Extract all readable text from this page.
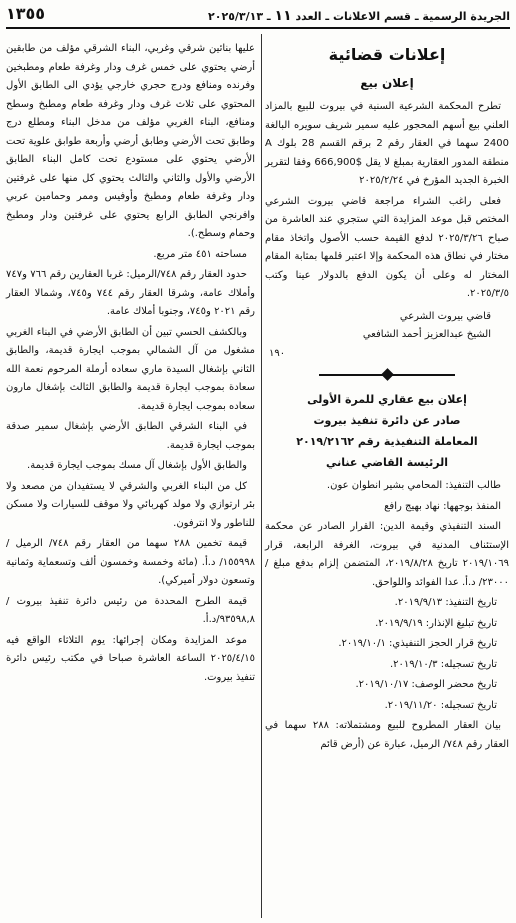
الجريدة الرسمية ـ قسم الاعلانات ـ العدد ١١ ـ ٢٠٢٥/٣/١٣
١٣٥٥
إعلانات قضائية
إعلان بيع

تطرح المحكمة الشرعية السنية في بيروت للبيع بالمزاد العلني بيع أسهم المحجور عليه سمير شريف سويره البالغة 2400 سهما في العقار رقم 2 برقم القسم 28 بلوك A منطقة المدور العقارية بمبلغ لا يقل $666,900 وفقا لتقرير الخبرة الجديد المؤرخ في ٢٠٢٥/٢/٢٤

فعلى راغب الشراء مراجعة قاضي بيروت الشرعي المختص قبل موعد المزايدة التي ستجري عند العاشرة من صباح ٢٠٢٥/٣/٢٦ لدفع القيمة حسب الأصول واتخاذ مقام مختار في نطاق هذه المحكمة وإلا اعتبر قلمها بمثابة المقام المختار له وعلى أن يكون الدفع بالدولار عينا وكتب ٢٠٢٥/٣/٥.

قاضي بيروت الشرعي
الشيخ عبدالعزيز أحمد الشافعي
١٩٠
إعلان بيع عقاري للمرة الأولى
صادر عن دائرة تنفيذ بيروت
المعاملة التنفيذية رقم ٢٠١٩/٢١٦٢
الرئيسة القاضي عناني

طالب التنفيذ: المحامي بشير انطوان عون.

المنفذ بوجهها: نهاد بهيج رافع

السند التنفيذي وقيمة الدين: القرار الصادر عن محكمة الإستئناف المدنية في بيروت، الغرفة الرابعة، قرار ٢٠١٩/١٠٦٩ تاريخ ٢٠١٩/٨/٢٨، المتضمن إلزام بدفع مبلغ /٢٣٠٠٠/ د.أ. عدا الفوائد واللواحق.

تاريخ التنفيذ: ٢٠١٩/٩/١٣.

تاريخ تبليغ الإنذار: ٢٠١٩/٩/١٩.

تاريخ قرار الحجز التنفيذي: ٢٠١٩/١٠/١.

تاريخ تسجيله: ٢٠١٩/١٠/٣.

تاريخ محضر الوصف: ٢٠١٩/١٠/١٧.

تاريخ تسجيله: ٢٠١٩/١١/٢٠.

بيان العقار المطروح للبيع ومشتملاته: ٢٨٨ سهما في العقار رقم ٧٤٨/ الرميل، عبارة عن (أرض قائم

عليها بنائين شرقي وغربي، البناء الشرقي مؤلف من طابقين أرضي يحتوي على خمس غرف ودار وغرفة طعام ومطبخين وفرنده ومنافع ودرج حجري خارجي يؤدي الى الطابق الأول المحتوي على ثلاث غرف ودار وغرفة طعام ومطبخ وسطح ومنافع، البناء الغربي مؤلف من مدخل البناء ومطلع درج وطابق تحت الأرضي وطابق أرضي وأربعة طوابق علوية تحت الأرضي يحتوي على مستودع تحت كامل البناء الطابق الأرضي والأول والثاني والثالث يحتوي كل منها على غرفتين ودار وغرفة طعام ومطبخ وأوفيس وممر وحمامين عربي وافرنجي الطابق الرابع يحتوي على غرفتين ودار ومطبخ وحمام وسطح.).

مساحته ٤٥١ متر مربع.

حدود العقار رقم ٧٤٨/الرميل: غربا العقارين رقم ٧٦٦ و٧٤٧ وأملاك عامة، وشرقا العقار رقم ٧٤٤ و٧٤٥، وشمالا العقار رقم ٢٠٢١ و٧٤٥، وجنوبا أملاك عامة.

وبالكشف الحسي تبين أن الطابق الأرضي في البناء الغربي مشغول من آل الشمالي بموجب ايجارة قديمة، والطابق الثاني بإشغال السيدة ماري سعاده أرملة المرحوم نعمة الله سعادة بموجب ايجارة قديمة والطابق الثالث بإشغال مارون سعاده بموجب ايجارة قديمة.

في البناء الشرقي الطابق الأرضي بإشغال سمير صدقة بموجب ايجارة قديمة.

والطابق الأول بإشغال آل مسك بموجب ايجارة قديمة.

كل من البناء الغربي والشرقي لا يستفيدان من مصعد ولا بئر ارتوازي ولا مولد كهربائي ولا موقف للسيارات ولا مسكن للناطور ولا انترفون.

قيمة تخمين ٢٨٨ سهما من العقار رقم ٧٤٨/ الرميل /١٥٥٩٩٨/ د.أ. (مائة وخمسة وخمسون ألف وتسعماية وثمانية وتسعون دولار أميركي).

قيمة الطرح المحددة من رئيس دائرة تنفيذ بيروت /٩٣٥٩٨,٨/د.أ.

موعد المزايدة ومكان إجرائها: يوم الثلاثاء الواقع فيه ٢٠٢٥/٤/١٥ الساعة العاشرة صباحا في مكتب رئيس دائرة تنفيذ بيروت.
